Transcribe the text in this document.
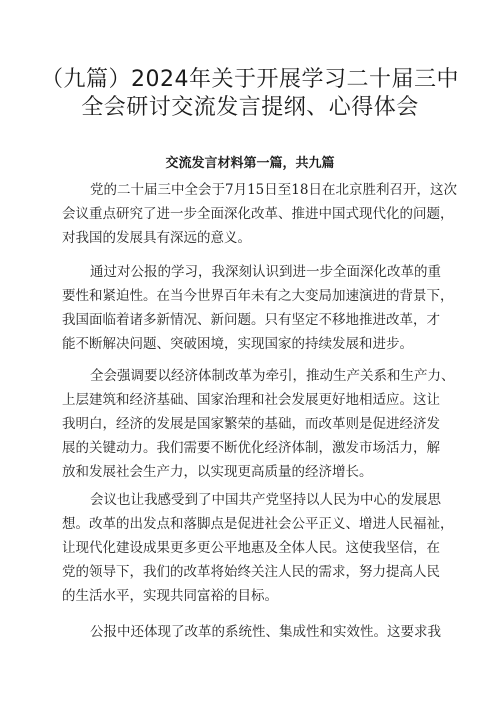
（九篇）2024年关于开展学习二十届三中
全会研讨交流发言提纲、心得体会
交流发言材料第一篇，共九篇
党的二十届三中全会于7月15日至18日在北京胜利召开，这次
会议重点研究了进一步全面深化改革、推进中国式现代化的问题，
对我国的发展具有深远的意义。
通过对公报的学习，我深刻认识到进一步全面深化改革的重
要性和紧迫性。在当今世界百年未有之大变局加速演进的背景下，
我国面临着诸多新情况、新问题。只有坚定不移地推进改革，才
能不断解决问题、突破困境，实现国家的持续发展和进步。
全会强调要以经济体制改革为牵引，推动生产关系和生产力、
上层建筑和经济基础、国家治理和社会发展更好地相适应。这让
我明白，经济的发展是国家繁荣的基础，而改革则是促进经济发
展的关键动力。我们需要不断优化经济体制，激发市场活力，解
放和发展社会生产力，以实现更高质量的经济增长。
会议也让我感受到了中国共产党坚持以人民为中心的发展思
想。改革的出发点和落脚点是促进社会公平正义、增进人民福祉，
让现代化建设成果更多更公平地惠及全体人民。这使我坚信，在
党的领导下，我们的改革将始终关注人民的需求，努力提高人民
的生活水平，实现共同富裕的目标。
公报中还体现了改革的系统性、集成性和实效性。这要求我
